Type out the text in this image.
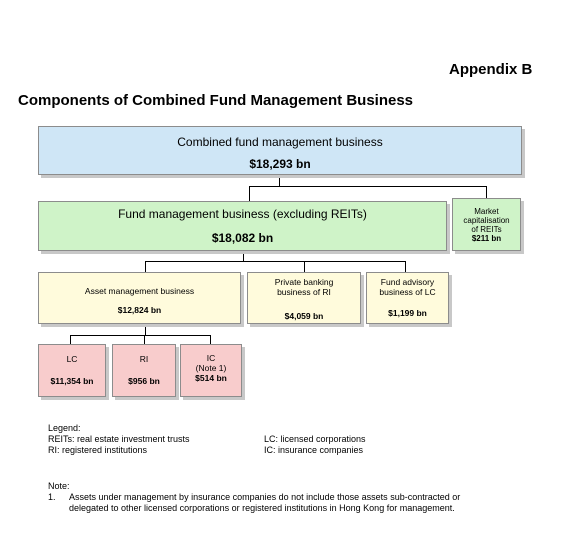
Appendix B
Components of Combined Fund Management Business
Combined fund management business
$18,293 bn
Fund management business (excluding REITs)
$18,082 bn
Market
capitalisation
of REITs
$211 bn
Asset management business
$12,824 bn
Private banking
business of RI
$4,059 bn
Fund advisory
business of LC
$1,199 bn
LC
$11,354 bn
RI
$956 bn
IC
(Note 1)
$514 bn
Legend:
REITs: real estate investment trusts
RI: registered institutions
LC: licensed corporations
IC: insurance companies
Note:
1. Assets under management by insurance companies do not include those assets sub-contracted or
delegated to other licensed corporations or registered institutions in Hong Kong for management.
